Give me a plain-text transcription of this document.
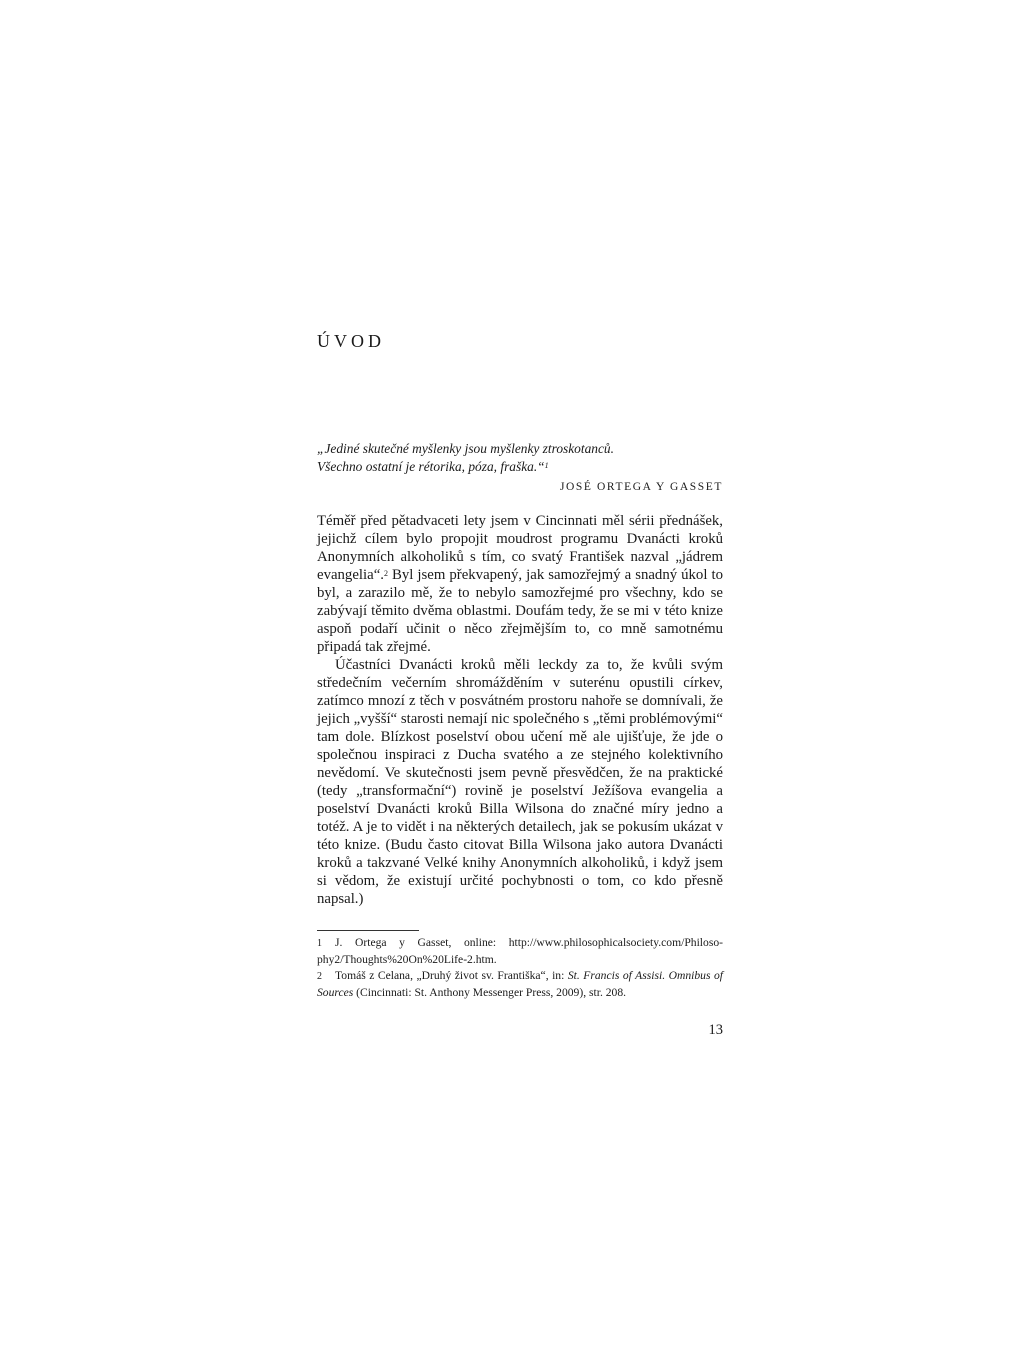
ÚVOD
„Jediné skutečné myšlenky jsou myšlenky ztroskotanců.
Všechno ostatní je rétorika, póza, fraška.“$^1$
JOSÉ ORTEGA Y GASSET

Téměř před pětadvaceti lety jsem v Cincinnati měl sérii přednášek, jejichž cílem bylo propojit moudrost programu Dvanácti kroků Anonymních alkoholiků s tím, co svatý František nazval „jádrem evangelia“.$^2$ Byl jsem překvapený, jak samozřejmý a snadný úkol to byl, a zarazilo mě, že to nebylo samozřejmé pro všechny, kdo se zabývají těmito dvěma oblastmi. Doufám tedy, že se mi v této knize aspoň podaří učinit o něco zřejmějším to, co mně samotnému připadá tak zřejmé.

Účastníci Dvanácti kroků měli leckdy za to, že kvůli svým středečním večerním shromážděním v suterénu opustili církev, zatímco mnozí z těch v posvátném prostoru nahoře se domnívali, že jejich „vyšší“ starosti nemají nic společného s „těmi problémovými“ tam dole. Blízkost poselství obou učení mě ale ujišťuje, že jde o společnou inspiraci z Ducha svatého a ze stejného kolektivního nevědomí. Ve skutečnosti jsem pevně přesvědčen, že na praktické (tedy „transformační“) rovině je poselství Ježíšova evangelia a poselství Dvanácti kroků Billa Wilsona do značné míry jedno a totéž. A je to vidět i na některých detailech, jak se pokusím ukázat v této knize. (Budu často citovat Billa Wilsona jako autora Dvanácti kroků a takzvané Velké knihy Anonymních alkoholiků, i když jsem si vědom, že existují určité pochybnosti o tom, co kdo přesně napsal.)

1 J. Ortega y Gasset, online: http://www.philosophicalsociety.com/Philosophy2/Thoughts%20On%20Life-2.htm.

2 Tomáš z Celana, „Druhý život sv. Františka“, in: St. Francis of Assisi. Omnibus of Sources (Cincinnati: St. Anthony Messenger Press, 2009), str. 208.

13
